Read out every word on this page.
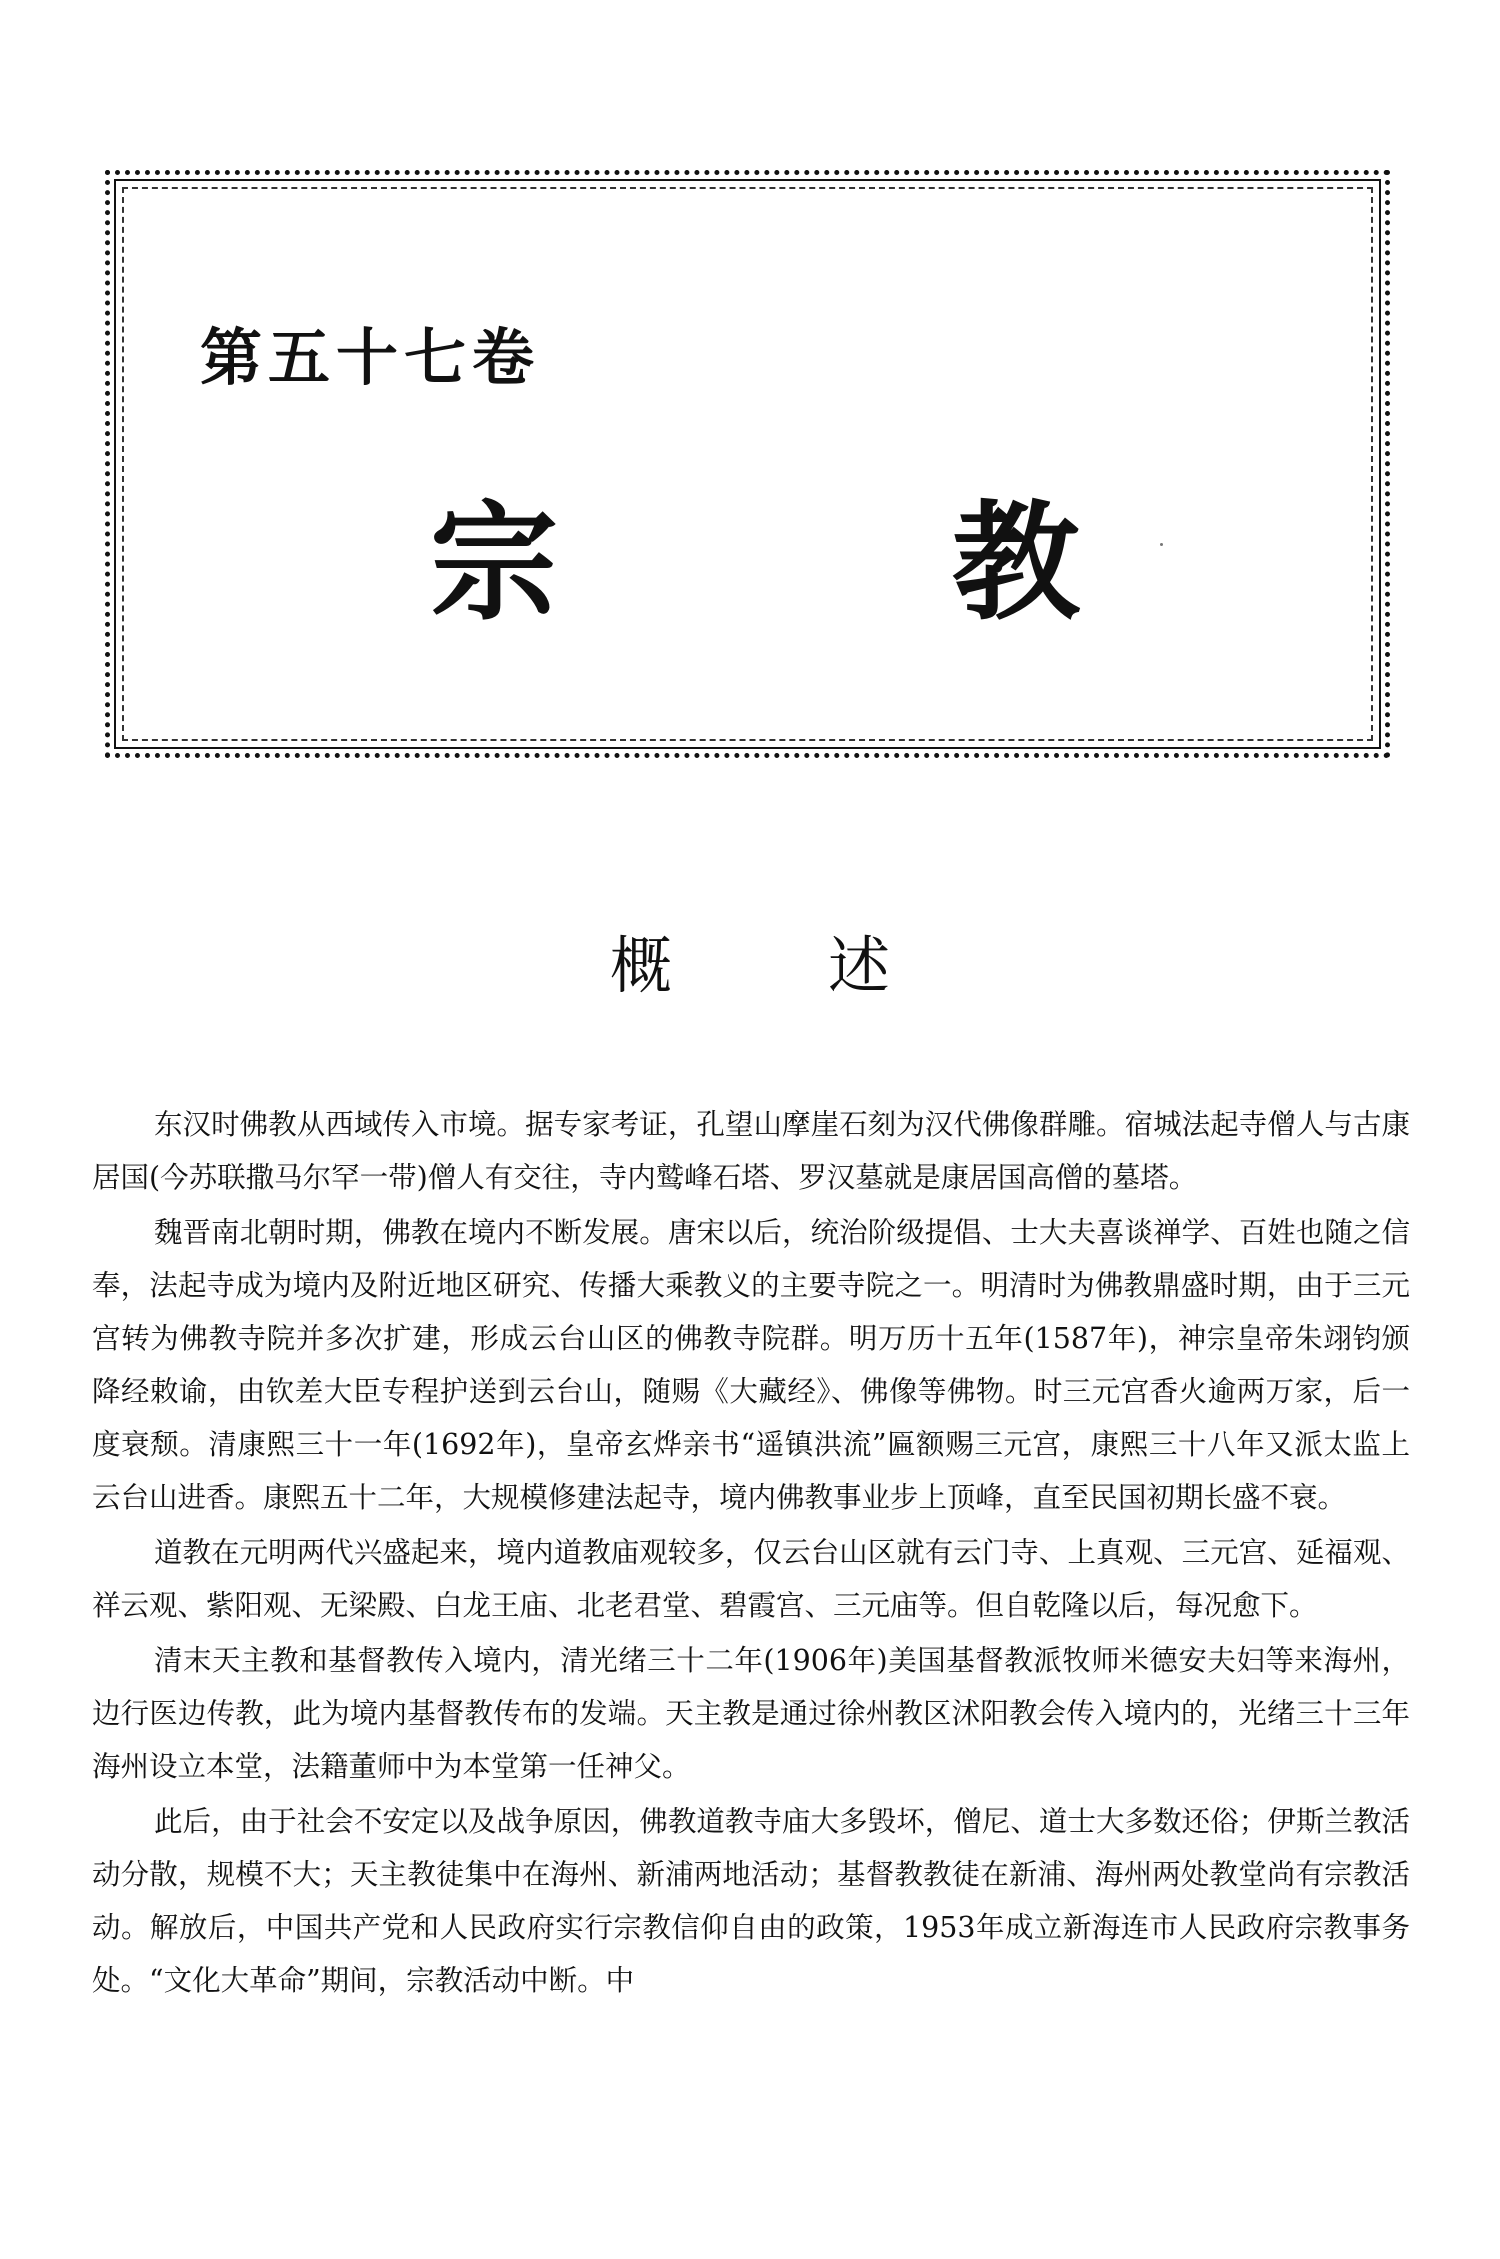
第五十七卷
宗	教
概	述

东汉时佛教从西域传入市境。据专家考证，孔望山摩崖石刻为汉代佛像群雕。宿城法起寺僧人与古康居国(今苏联撒马尔罕一带)僧人有交往，寺内鹫峰石塔、罗汉墓就是康居国高僧的墓塔。

魏晋南北朝时期，佛教在境内不断发展。唐宋以后，统治阶级提倡、士大夫喜谈禅学、百姓也随之信奉，法起寺成为境内及附近地区研究、传播大乘教义的主要寺院之一。明清时为佛教鼎盛时期，由于三元宫转为佛教寺院并多次扩建，形成云台山区的佛教寺院群。明万历十五年(1587年)，神宗皇帝朱翊钧颁降经敕谕，由钦差大臣专程护送到云台山，随赐《大藏经》、佛像等佛物。时三元宫香火逾两万家，后一度衰颓。清康熙三十一年(1692年)，皇帝玄烨亲书“遥镇洪流”匾额赐三元宫，康熙三十八年又派太监上云台山进香。康熙五十二年，大规模修建法起寺，境内佛教事业步上顶峰，直至民国初期长盛不衰。

道教在元明两代兴盛起来，境内道教庙观较多，仅云台山区就有云门寺、上真观、三元宫、延福观、祥云观、紫阳观、无梁殿、白龙王庙、北老君堂、碧霞宫、三元庙等。但自乾隆以后，每况愈下。

清末天主教和基督教传入境内，清光绪三十二年(1906年)美国基督教派牧师米德安夫妇等来海州，边行医边传教，此为境内基督教传布的发端。天主教是通过徐州教区沭阳教会传入境内的，光绪三十三年海州设立本堂，法籍董师中为本堂第一任神父。

此后，由于社会不安定以及战争原因，佛教道教寺庙大多毁坏，僧尼、道士大多数还俗；伊斯兰教活动分散，规模不大；天主教徒集中在海州、新浦两地活动；基督教教徒在新浦、海州两处教堂尚有宗教活动。解放后，中国共产党和人民政府实行宗教信仰自由的政策，1953年成立新海连市人民政府宗教事务处。“文化大革命”期间，宗教活动中断。中
